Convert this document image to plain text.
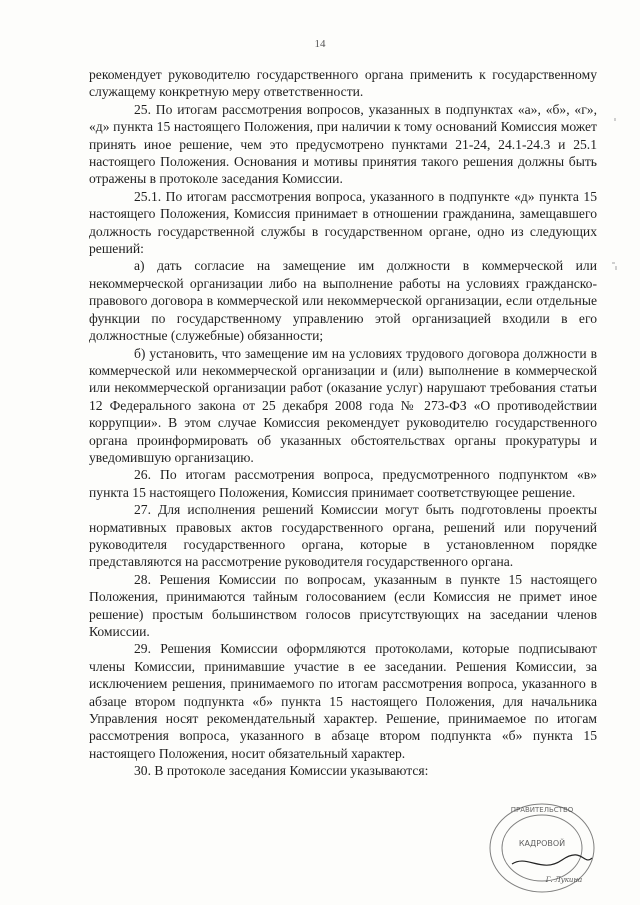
14

рекомендует руководителю государственного органа применить к государственному служащему конкретную меру ответственности.

25. По итогам рассмотрения вопросов, указанных в подпунктах «а», «б», «г», «д» пункта 15 настоящего Положения, при наличии к тому оснований Комиссия может принять иное решение, чем это предусмотрено пунктами 21-24, 24.1-24.3 и 25.1 настоящего Положения. Основания и мотивы принятия такого решения должны быть отражены в протоколе заседания Комиссии.

25.1. По итогам рассмотрения вопроса, указанного в подпункте «д» пункта 15 настоящего Положения, Комиссия принимает в отношении гражданина, замещавшего должность государственной службы в государственном органе, одно из следующих решений:

а) дать согласие на замещение им должности в коммерческой или некоммерческой организации либо на выполнение работы на условиях гражданско-правового договора в коммерческой или некоммерческой организации, если отдельные функции по государственному управлению этой организацией входили в его должностные (служебные) обязанности;

б) установить, что замещение им на условиях трудового договора должности в коммерческой или некоммерческой организации и (или) выполнение в коммерческой или некоммерческой организации работ (оказание услуг) нарушают требования статьи 12 Федерального закона от 25 декабря 2008 года № 273-ФЗ «О противодействии коррупции». В этом случае Комиссия рекомендует руководителю государственного органа проинформировать об указанных обстоятельствах органы прокуратуры и уведомившую организацию.

26. По итогам рассмотрения вопроса, предусмотренного подпунктом «в» пункта 15 настоящего Положения, Комиссия принимает соответствующее решение.

27. Для исполнения решений Комиссии могут быть подготовлены проекты нормативных правовых актов государственного органа, решений или поручений руководителя государственного органа, которые в установленном порядке представляются на рассмотрение руководителя государственного органа.

28. Решения Комиссии по вопросам, указанным в пункте 15 настоящего Положения, принимаются тайным голосованием (если Комиссия не примет иное решение) простым большинством голосов присутствующих на заседании членов Комиссии.

29. Решения Комиссии оформляются протоколами, которые подписывают члены Комиссии, принимавшие участие в ее заседании. Решения Комиссии, за исключением решения, принимаемого по итогам рассмотрения вопроса, указанного в абзаце втором подпункта «б» пункта 15 настоящего Положения, для начальника Управления носят рекомендательный характер. Решение, принимаемое по итогам рассмотрения вопроса, указанного в абзаце втором подпункта «б» пункта 15 настоящего Положения, носит обязательный характер.

30. В протоколе заседания Комиссии указываются:

ПРАВИТЕЛЬСТВО
КАДРОВОЙ
Г. Лукина
